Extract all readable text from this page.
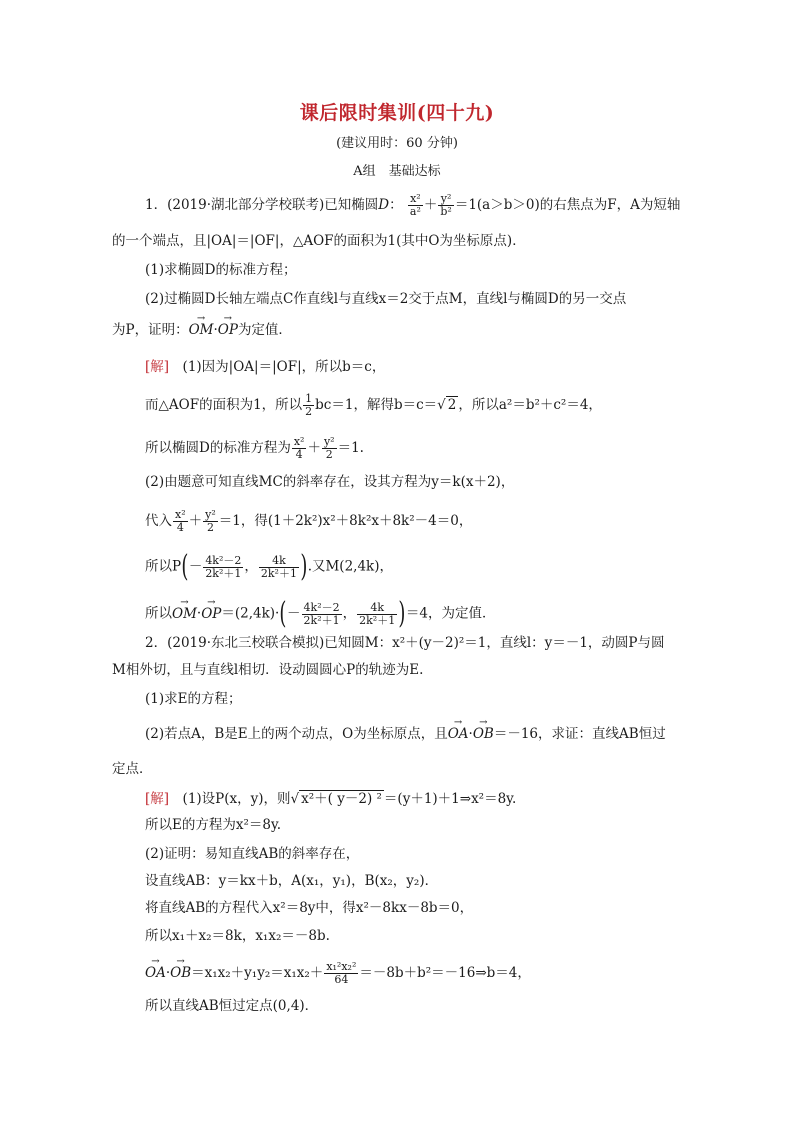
课后限时集训(四十九)
(建议用时：60 分钟)
A组　基础达标
1．(2019·湖北部分学校联考)已知椭圆D： $\frac{\text{x²}}{\text{a²}} + \frac{\text{y²}}{\text{b²}} =1(a>b>0)$的右焦点为F，A为短轴
的一个端点，且|OA|＝|OF|，△AOF的面积为1(其中O为坐标原点)．
(1)求椭圆D的标准方程；
(2)过椭圆D长轴左端点C作直线l与直线x＝2交于点M，直线l与椭圆D的另一交点
为P，证明：→ OM·→ OP为定值．
[解]　 (1)因为|OA|＝|OF|，所以b＝c，
而△AOF的面积为1，所以 $\frac{1}{2} bc=1$，解得b＝c＝√ 2 ，所以a²＝b²＋c²＝4，
所以椭圆D的标准方程为 $\frac{\text{x²}}{4} + \frac{\text{y²}}{2} =1$.
(2)由题意可知直线MC的斜率存在，设其方程为y＝k(x＋2)，
代入 $\frac{\text{x²}}{4} + \frac{\text{y²}}{2} =1$，得(1＋2k²)x²＋8k²x＋8k²－4＝0，
所以$P(- \frac{\text{4k²－2}}{\text{2k²＋1}}$ ， $\frac{4k}{\text{2k²＋1}}$ ).又M(2,4k)，
所以→ $OM\cdot\to OP=(2,4k)\cdot(- \frac{\text{4k²－2}}{\text{2k²＋1}}$ ， $\frac{4k}{\text{2k²＋1}} )=4$，为定值．
2．(2019·东北三校联合模拟)已知圆M：x²＋(y－2)²＝1，直线l：y＝－1，动圆P与圆
M相外切，且与直线l相切．设动圆圆心P的轨迹为E.
(1)求E的方程；
(2)若点A，B是E上的两个动点，O为坐标原点，且→ OA·→ OB＝－16，求证：直线AB恒过
定点．
[解]　 (1)设P(x，y)，则√ x²＋( y－2) ² ＝(y＋1)＋1⇒x²＝8y.
所以E的方程为x²＝8y.
(2)证明：易知直线AB的斜率存在，
设直线AB：y＝kx＋b，A(x₁，y₁)，B(x₂，y₂)．
将直线AB的方程代入x²＝8y中，得x²－8kx－8b＝0，
所以x₁＋x₂＝8k，x₁x₂＝－8b.
→ $OA\cdot\to OB=x_1x_2+y_1y_2=x_1x_2+ \frac{\text{x₁²x₂²}}{64}$ ＝－8b＋b²＝－16⇒b＝4，
所以直线AB恒过定点(0,4)．
